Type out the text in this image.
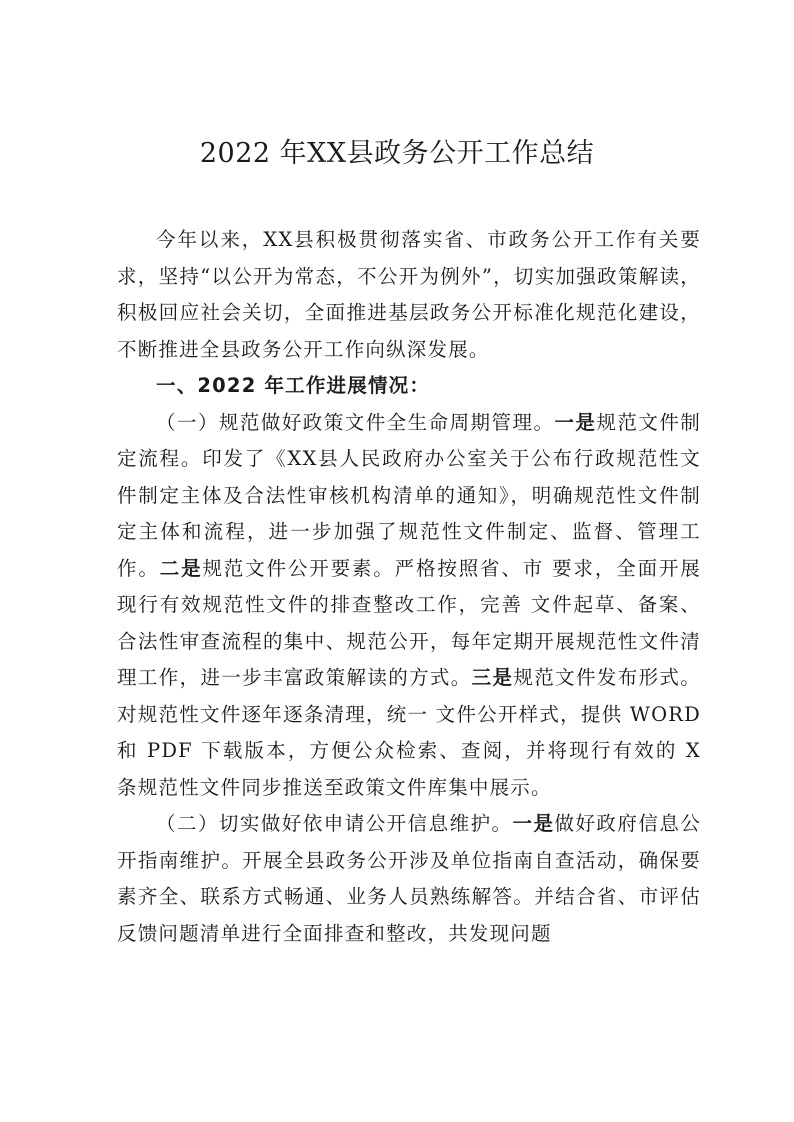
2022 年XX县政务公开工作总结

今年以来，XX县积极贯彻落实省、市政务公开工作有关要求，坚持“以公开为常态，不公开为例外”，切实加强政策解读，积极回应社会关切，全面推进基层政务公开标准化规范化建设，不断推进全县政务公开工作向纵深发展。

一、2022 年工作进展情况：

（一）规范做好政策文件全生命周期管理。一是规范文件制定流程。印发了《XX县人民政府办公室关于公布行政规范性文件制定主体及合法性审核机构清单的通知》，明确规范性文件制定主体和流程，进一步加强了规范性文件制定、监督、管理工作。二是规范文件公开要素。严格按照省、市 要求，全面开展现行有效规范性文件的排查整改工作，完善 文件起草、备案、合法性审查流程的集中、规范公开，每年定期开展规范性文件清理工作，进一步丰富政策解读的方式。三是规范文件发布形式。对规范性文件逐年逐条清理，统一 文件公开样式，提供 WORD 和 PDF 下载版本，方便公众检索、查阅，并将现行有效的 X 条规范性文件同步推送至政策文件库集中展示。

（二）切实做好依申请公开信息维护。一是做好政府信息公开指南维护。开展全县政务公开涉及单位指南自查活动，确保要素齐全、联系方式畅通、业务人员熟练解答。并结合省、市评估反馈问题清单进行全面排查和整改，共发现问题
